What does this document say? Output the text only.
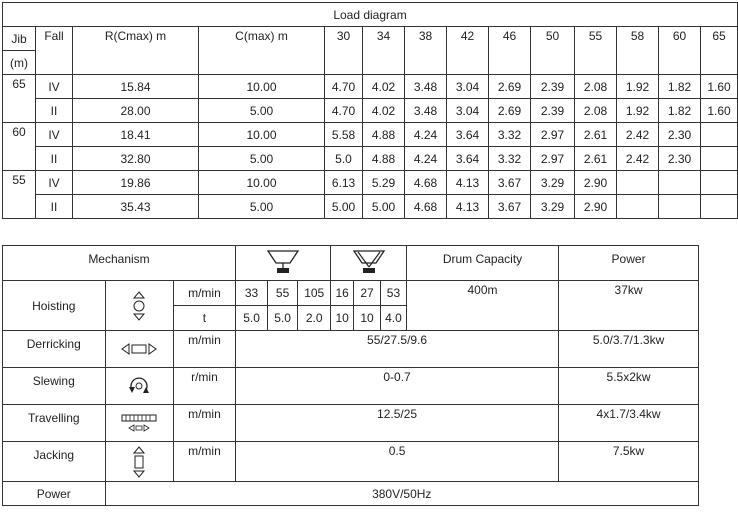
Load diagram													
Jib	Fall	R(Cmax) m	C(max) m	30	34	38	42	46	50	55	58	60	65
(m)													
65	IV	15.84	10.00	4.70	4.02	3.48	3.04	2.69	2.39	2.08	1.92	1.82	1.60
	II	28.00	5.00	4.70	4.02	3.48	3.04	2.69	2.39	2.08	1.92	1.82	1.60
60	IV	18.41	10.00	5.58	4.88	4.24	3.64	3.32	2.97	2.61	2.42	2.30	
	II	32.80	5.00	5.0	4.88	4.24	3.64	3.32	2.97	2.61	2.42	2.30	
55	IV	19.86	10.00	6.13	5.29	4.68	4.13	3.67	3.29	2.90			
	II	35.43	5.00	5.00	5.00	4.68	4.13	3.67	3.29	2.90			
Mechanism									Drum Capacity	Power
Hoisting		m/min	33	55	105	16	27	53	400m	37kw
		t	5.0	5.0	2.0	10	10	4.0		
Derricking		m/min	55/27.5/9.6							5.0/3.7/1.3kw
Slewing		r/min	0-0.7							5.5x2kw
Travelling		m/min	12.5/25							4x1.7/3.4kw
Jacking		m/min	0.5							7.5kw
Power	380V/50Hz									
